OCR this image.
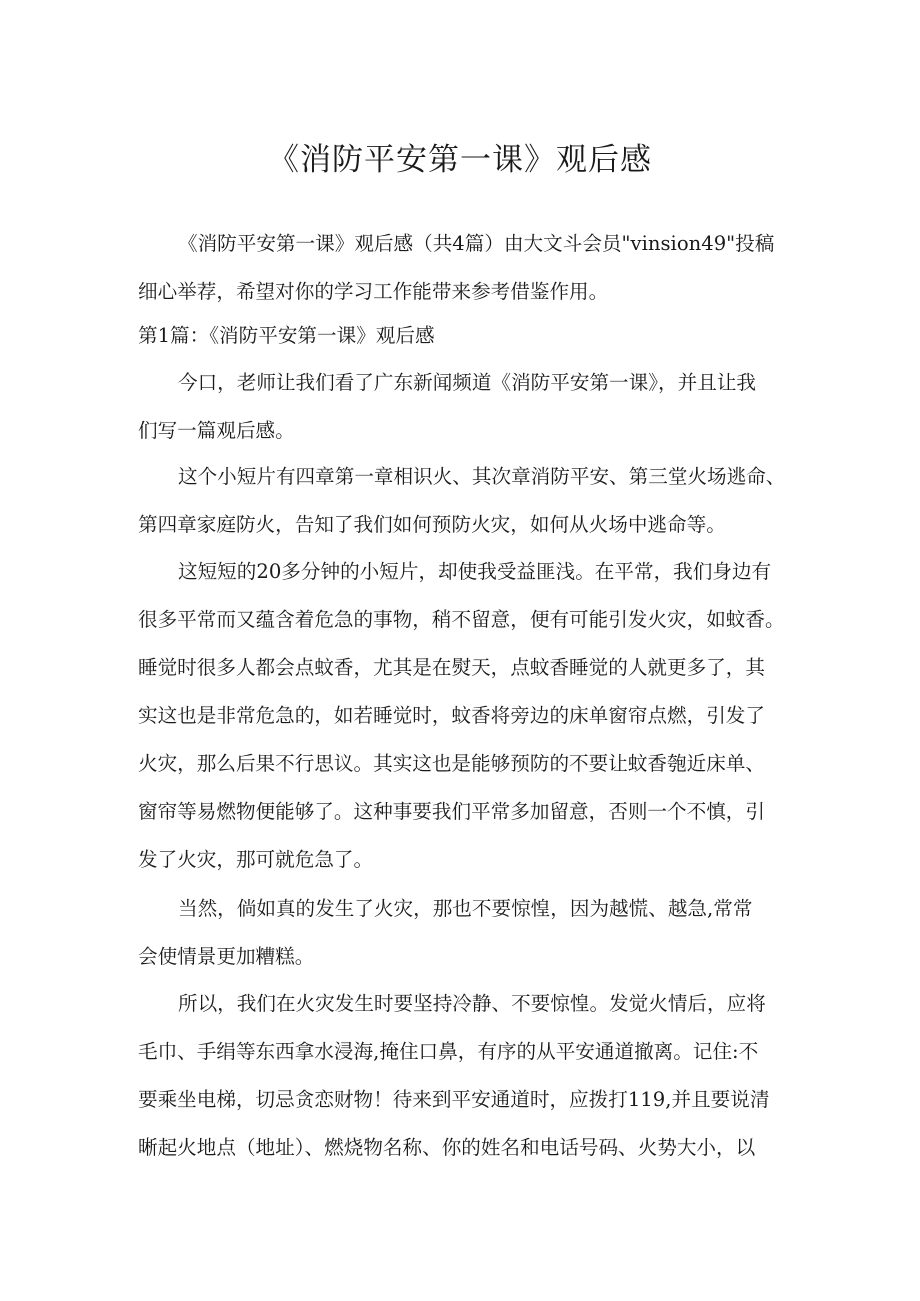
《消防平安第一课》观后感
《消防平安第一课》观后感（共4篇）由大文斗会员"vinsion49"投稿
细心举荐，希望对你的学习工作能带来参考借鉴作用。
第1篇：《消防平安第一课》观后感
今口，老师让我们看了广东新闻频道《消防平安第一课》，并且让我
们写一篇观后感。
这个小短片有四章第一章相识火、其次章消防平安、第三堂火场逃命、
第四章家庭防火，告知了我们如何预防火灾，如何从火场中逃命等。
这短短的20多分钟的小短片，却使我受益匪浅。在平常，我们身边有
很多平常而又蕴含着危急的事物，稍不留意，便有可能引发火灾，如蚊香。
睡觉时很多人都会点蚊香，尤其是在熨天，点蚊香睡觉的人就更多了，其
实这也是非常危急的，如若睡觉时，蚊香将旁边的床单窗帘点燃，引发了
火灾，那么后果不行思议。其实这也是能够预防的不要让蚊香匏近床单、
窗帘等易燃物便能够了。这种事要我们平常多加留意，否则一个不慎，引
发了火灾，那可就危急了。
当然，倘如真的发生了火灾，那也不要惊惶，因为越慌、越急,常常
会使情景更加糟糕。
所以，我们在火灾发生时要坚持冷静、不要惊惶。发觉火情后，应将
毛巾、手绢等东西拿水浸海,掩住口鼻，有序的从平安通道撤离。记住:不
要乘坐电梯，切忌贪恋财物！待来到平安通道时，应拨打119,并且要说清
晰起火地点（地址）、燃烧物名称、你的姓名和电话号码、火势大小，以
